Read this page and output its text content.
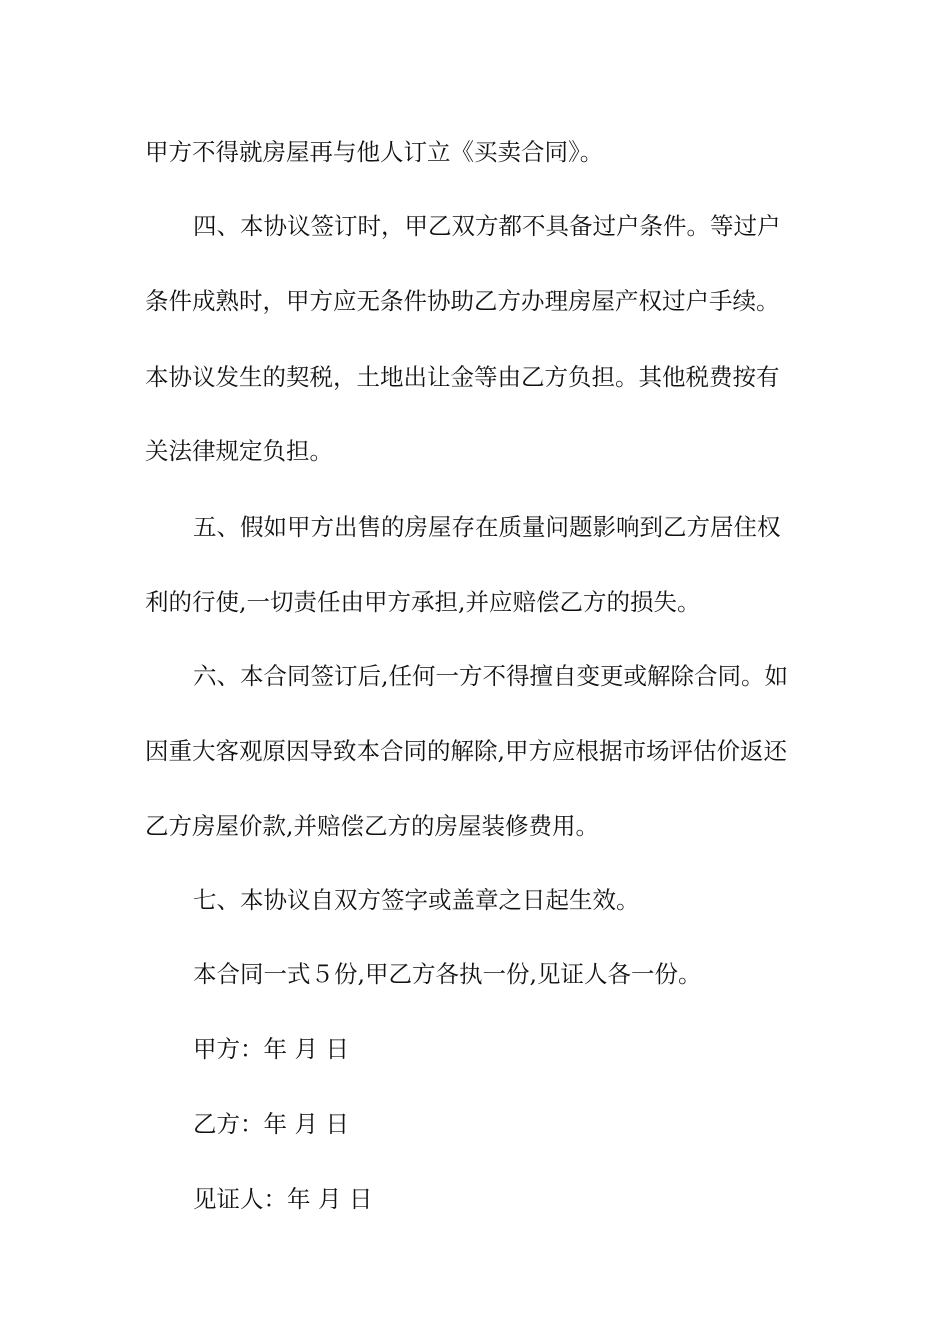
甲方不得就房屋再与他人订立《买卖合同》。
四、本协议签订时，甲乙双方都不具备过户条件。等过户
条件成熟时，甲方应无条件协助乙方办理房屋产权过户手续。
本协议发生的契税，土地出让金等由乙方负担。其他税费按有
关法律规定负担。
五、假如甲方出售的房屋存在质量问题影响到乙方居住权
利的行使,一切责任由甲方承担,并应赔偿乙方的损失。
六、本合同签订后,任何一方不得擅自变更或解除合同。如
因重大客观原因导致本合同的解除,甲方应根据市场评估价返还
乙方房屋价款,并赔偿乙方的房屋装修费用。
七、本协议自双方签字或盖章之日起生效。
本合同一式５份,甲乙方各执一份,见证人各一份。
甲方：年 月 日
乙方：年 月 日
见证人：年 月 日
